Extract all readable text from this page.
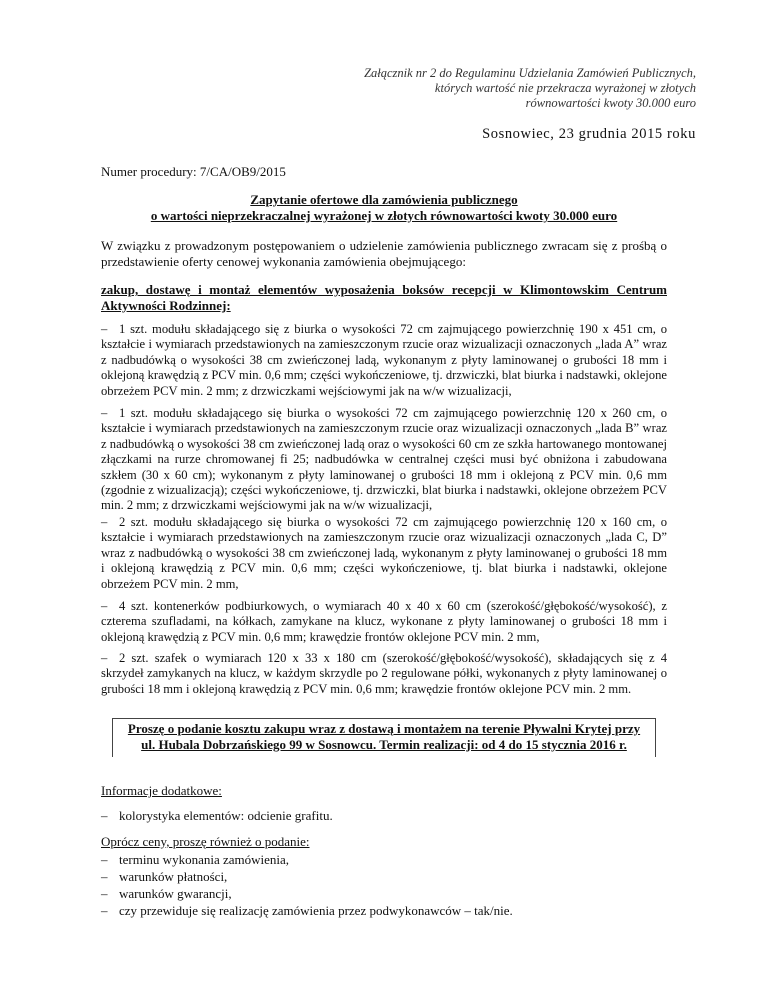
Załącznik nr 2 do Regulaminu Udzielania Zamówień Publicznych,
których wartość nie przekracza wyrażonej w złotych
równowartości kwoty 30.000 euro
Sosnowiec, 23 grudnia 2015 roku
Numer procedury: 7/CA/OB9/2015
Zapytanie ofertowe dla zamówienia publicznego
o wartości nieprzekraczalnej wyrażonej w złotych równowartości kwoty 30.000 euro
W związku z prowadzonym postępowaniem o udzielenie zamówienia publicznego zwracam się z prośbą o przedstawienie oferty cenowej wykonania zamówienia obejmującego:
zakup, dostawę i montaż elementów wyposażenia boksów recepcji w Klimontowskim Centrum Aktywności Rodzinnej:
– 1 szt. modułu składającego się z biurka o wysokości 72 cm zajmującego powierzchnię 190 x 451 cm, o kształcie i wymiarach przedstawionych na zamieszczonym rzucie oraz wizualizacji oznaczonych „lada A” wraz z nadbudówką o wysokości 38 cm zwieńczonej ladą, wykonanym z płyty laminowanej o grubości 18 mm i oklejoną krawędzią z PCV min. 0,6 mm; części wykończeniowe, tj. drzwiczki, blat biurka i nadstawki, oklejone obrzeżem PCV min. 2 mm; z drzwiczkami wejściowymi jak na w/w wizualizacji,
– 1 szt. modułu składającego się biurka o wysokości 72 cm zajmującego powierzchnię 120 x 260 cm, o kształcie i wymiarach przedstawionych na zamieszczonym rzucie oraz wizualizacji oznaczonych „lada B” wraz z nadbudówką o wysokości 38 cm zwieńczonej ladą oraz o wysokości 60 cm ze szkła hartowanego montowanej złączkami na rurze chromowanej fi 25; nadbudówka w centralnej części musi być obniżona i zabudowana szkłem (30 x 60 cm); wykonanym z płyty laminowanej o grubości 18 mm i oklejoną z PCV min. 0,6 mm (zgodnie z wizualizacją); części wykończeniowe, tj. drzwiczki, blat biurka i nadstawki, oklejone obrzeżem PCV min. 2 mm; z drzwiczkami wejściowymi jak na w/w wizualizacji,
– 2 szt. modułu składającego się biurka o wysokości 72 cm zajmującego powierzchnię 120 x 160 cm, o kształcie i wymiarach przedstawionych na zamieszczonym rzucie oraz wizualizacji oznaczonych „lada C, D” wraz z nadbudówką o wysokości 38 cm zwieńczonej ladą, wykonanym z płyty laminowanej o grubości 18 mm i oklejoną krawędzią z PCV min. 0,6 mm; części wykończeniowe, tj. blat biurka i nadstawki, oklejone obrzeżem PCV min. 2 mm,
– 4 szt. kontenerków podbiurkowych, o wymiarach 40 x 40 x 60 cm (szerokość/głębokość/wysokość), z czterema szufladami, na kółkach, zamykane na klucz, wykonane z płyty laminowanej o grubości 18 mm i oklejoną krawędzią z PCV min. 0,6 mm; krawędzie frontów oklejone PCV min. 2 mm,
– 2 szt. szafek o wymiarach 120 x 33 x 180 cm (szerokość/głębokość/wysokość), składających się z 4 skrzydeł zamykanych na klucz, w każdym skrzydle po 2 regulowane półki, wykonanych z płyty laminowanej o grubości 18 mm i oklejoną krawędzią z PCV min. 0,6 mm; krawędzie frontów oklejone PCV min. 2 mm.
Proszę o podanie kosztu zakupu wraz z dostawą i montażem na terenie Pływalni Krytej przy
ul. Hubala Dobrzańskiego 99 w Sosnowcu. Termin realizacji: od 4 do 15 stycznia 2016 r.
Informacje dodatkowe:
– kolorystyka elementów: odcienie grafitu.
Oprócz ceny, proszę również o podanie:
– terminu wykonania zamówienia,
– warunków płatności,
– warunków gwarancji,
– czy przewiduje się realizację zamówienia przez podwykonawców – tak/nie.
